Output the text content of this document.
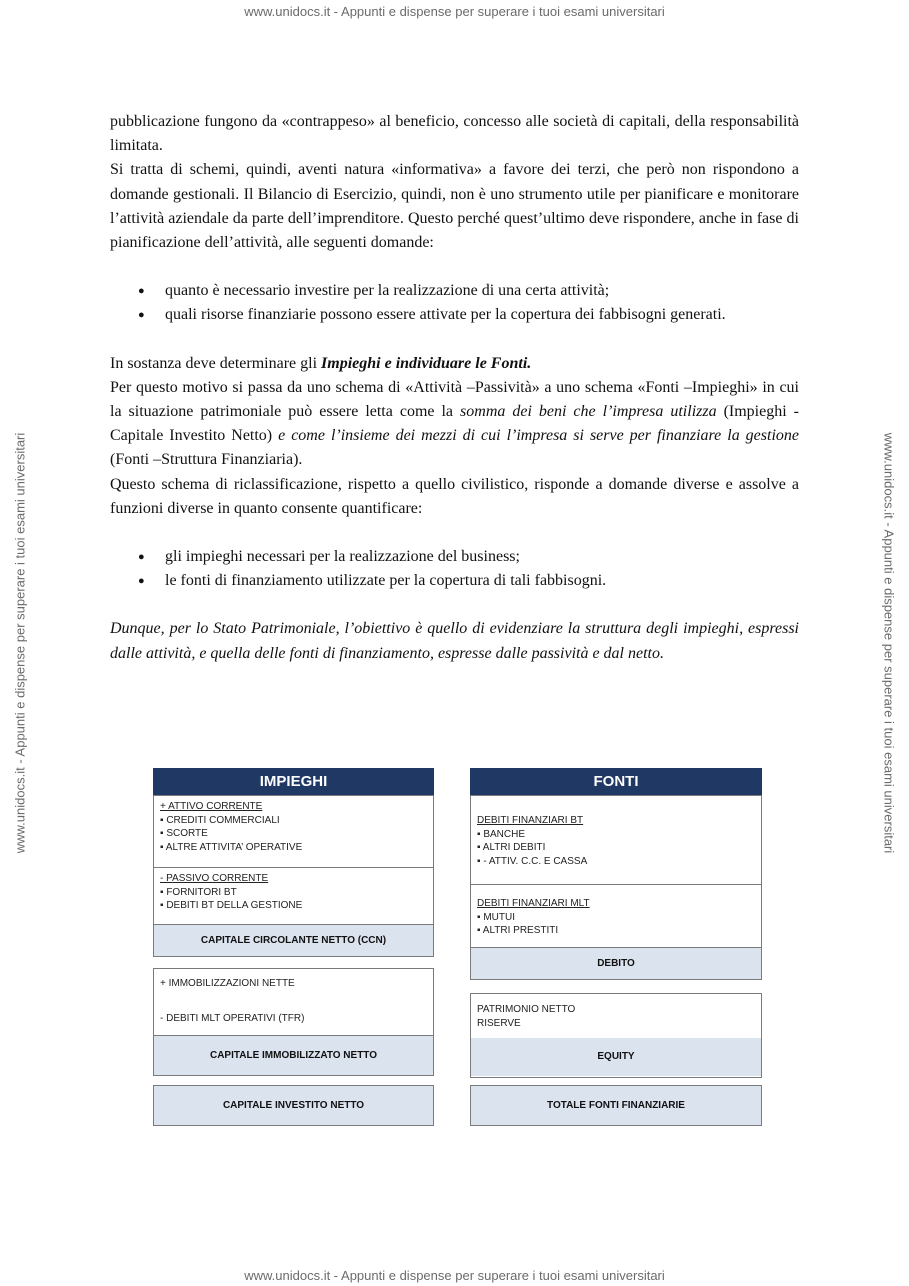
www.unidocs.it - Appunti e dispense per superare i tuoi esami universitari
www.unidocs.it - Appunti e dispense per superare i tuoi esami universitari
www.unidocs.it - Appunti e dispense per superare i tuoi esami universitari	www.unidocs.it - Appunti e dispense per superare i tuoi esami universitari

pubblicazione fungono da «contrappeso» al beneficio, concesso alle società di capitali, della responsabilità limitata.

Si tratta di schemi, quindi, aventi natura «informativa» a favore dei terzi, che però non rispondono a domande gestionali. Il Bilancio di Esercizio, quindi, non è uno strumento utile per pianificare e monitorare l’attività aziendale da parte dell’imprenditore. Questo perché quest’ultimo deve rispondere, anche in fase di pianificazione dell’attività, alle seguenti domande:

● quanto è necessario investire per la realizzazione di una certa attività;
● quali risorse finanziarie possono essere attivate per la copertura dei fabbisogni generati.

In sostanza deve determinare gli Impieghi e individuare le Fonti.

Per questo motivo si passa da uno schema di «Attività –Passività» a uno schema «Fonti –Impieghi» in cui la situazione patrimoniale può essere letta come la somma dei beni che l’impresa utilizza (Impieghi -Capitale Investito Netto) e come l’insieme dei mezzi di cui l’impresa si serve per finanziare la gestione (Fonti –Struttura Finanziaria).

Questo schema di riclassificazione, rispetto a quello civilistico, risponde a domande diverse e assolve a funzioni diverse in quanto consente quantificare:

● gli impieghi necessari per la realizzazione del business;
● le fonti di finanziamento utilizzate per la copertura di tali fabbisogni.

Dunque, per lo Stato Patrimoniale, l’obiettivo è quello di evidenziare la struttura degli impieghi, espressi dalle attività, e quella delle fonti di finanziamento, espresse dalle passività e dal netto.

IMPIEGHI
+ ATTIVO CORRENTE
▪ CREDITI COMMERCIALI
▪ SCORTE
▪ ALTRE ATTIVITA’ OPERATIVE
- PASSIVO CORRENTE
▪ FORNITORI BT
▪ DEBITI BT DELLA GESTIONE
CAPITALE CIRCOLANTE NETTO (CCN)
+ IMMOBILIZZAZIONI NETTE
- DEBITI MLT OPERATIVI (TFR)
CAPITALE IMMOBILIZZATO NETTO
CAPITALE INVESTITO NETTO
FONTI
DEBITI FINANZIARI BT
▪ BANCHE
▪ ALTRI DEBITI
▪ - ATTIV. C.C. E CASSA
DEBITI FINANZIARI MLT
▪ MUTUI
▪ ALTRI PRESTITI
DEBITO
PATRIMONIO NETTO
RISERVE
EQUITY
TOTALE FONTI FINANZIARIE
